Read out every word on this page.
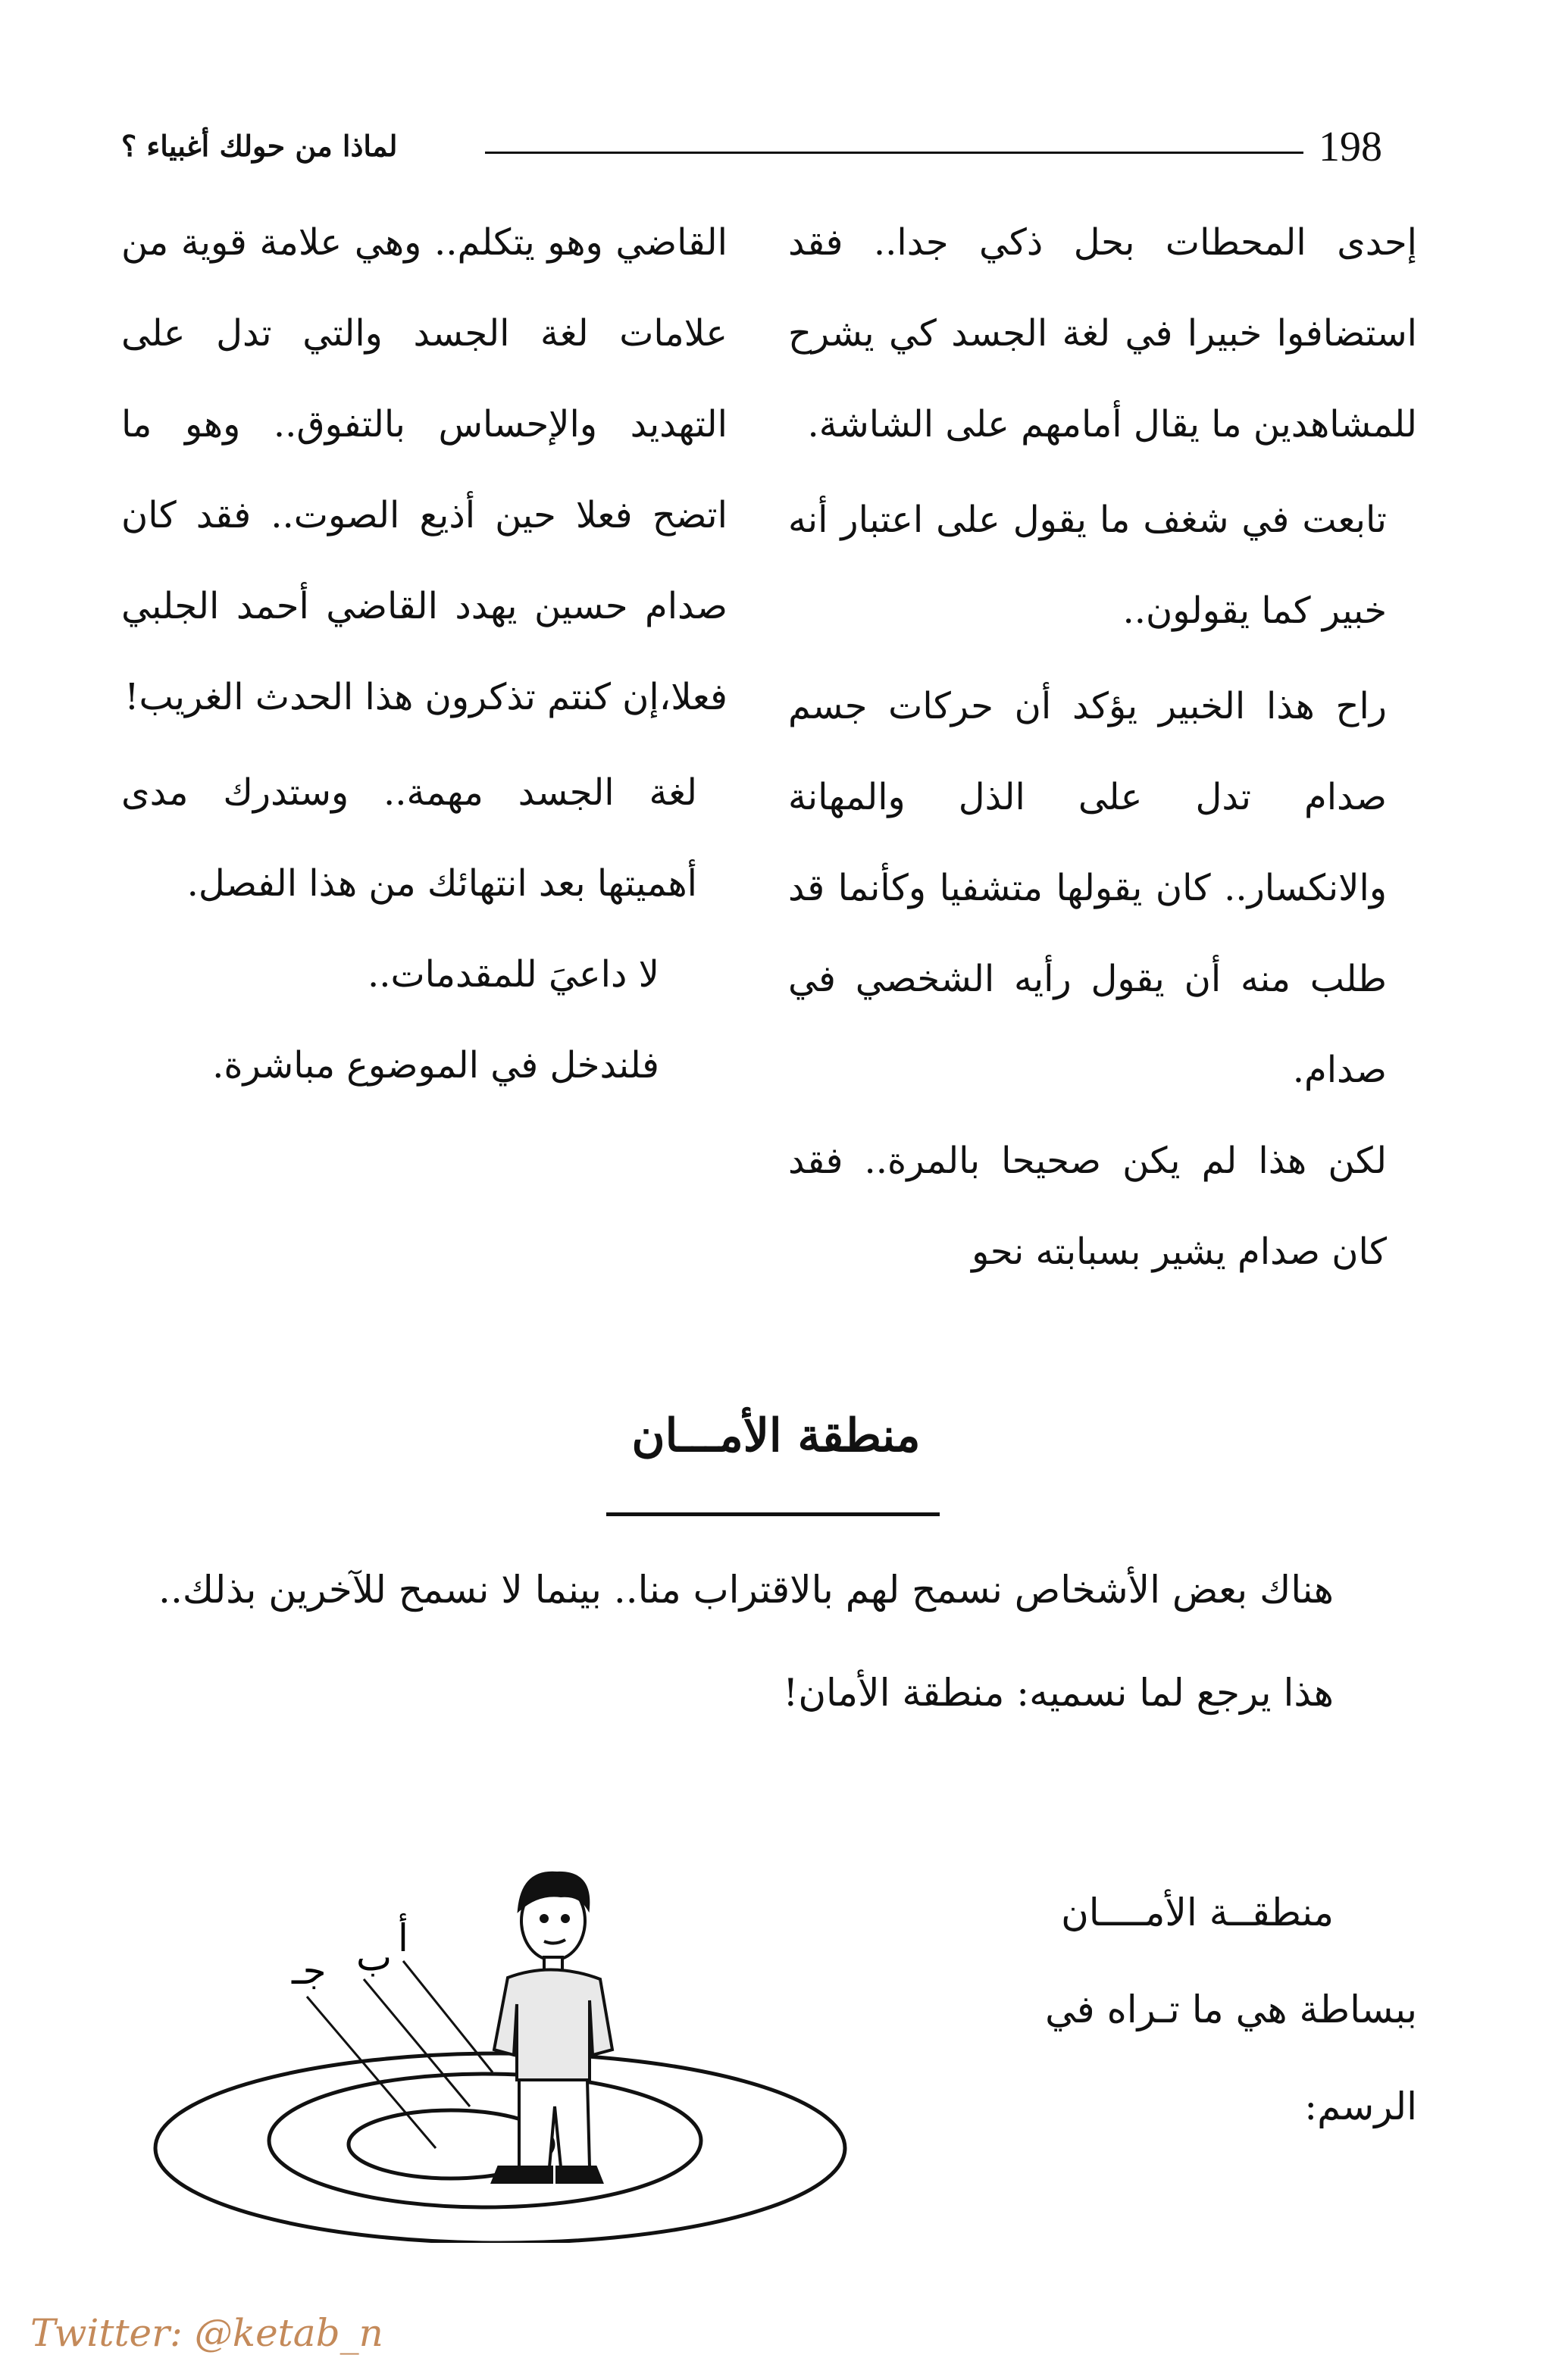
لماذا من حولك أغبياء ؟	198

إحدى المحطات بحل ذكي جدا.. فقد استضافوا خبيرا في لغة الجسد كي يشرح للمشاهدين ما يقال أمامهم على الشاشة.

تابعت في شغف ما يقول على اعتبار أنه خبير كما يقولون..

راح هذا الخبير يؤكد أن حركات جسم صدام تدل على الذل والمهانة والانكسار.. كان يقولها متشفيا وكأنما قد طلب منه أن يقول رأيه الشخصي في صدام.

لكن هذا لم يكن صحيحا بالمرة.. فقد كان صدام يشير بسبابته نحو

القاضي وهو يتكلم.. وهي علامة قوية من علامات لغة الجسد والتي تدل على التهديد والإحساس بالتفوق.. وهو ما اتضح فعلا حين أذيع الصوت.. فقد كان صدام حسين يهدد القاضي أحمد الجلبي فعلا،إن كنتم تذكرون هذا الحدث الغريب!

لغة الجسد مهمة.. وستدرك مدى أهميتها بعد انتهائك من هذا الفصل.

لا داعيَ للمقدمات..

فلندخل في الموضوع مباشرة.

منطقة الأمـــان

هناك بعض الأشخاص نسمح لهم بالاقتراب منا.. بينما لا نسمح للآخرين بذلك..

هذا يرجع لما نسميه: منطقة الأمان!

منطقــة الأمــــان

ببساطة هي ما تـراه في

الرسم:

جـ ب أ
Twitter: @ketab_n
